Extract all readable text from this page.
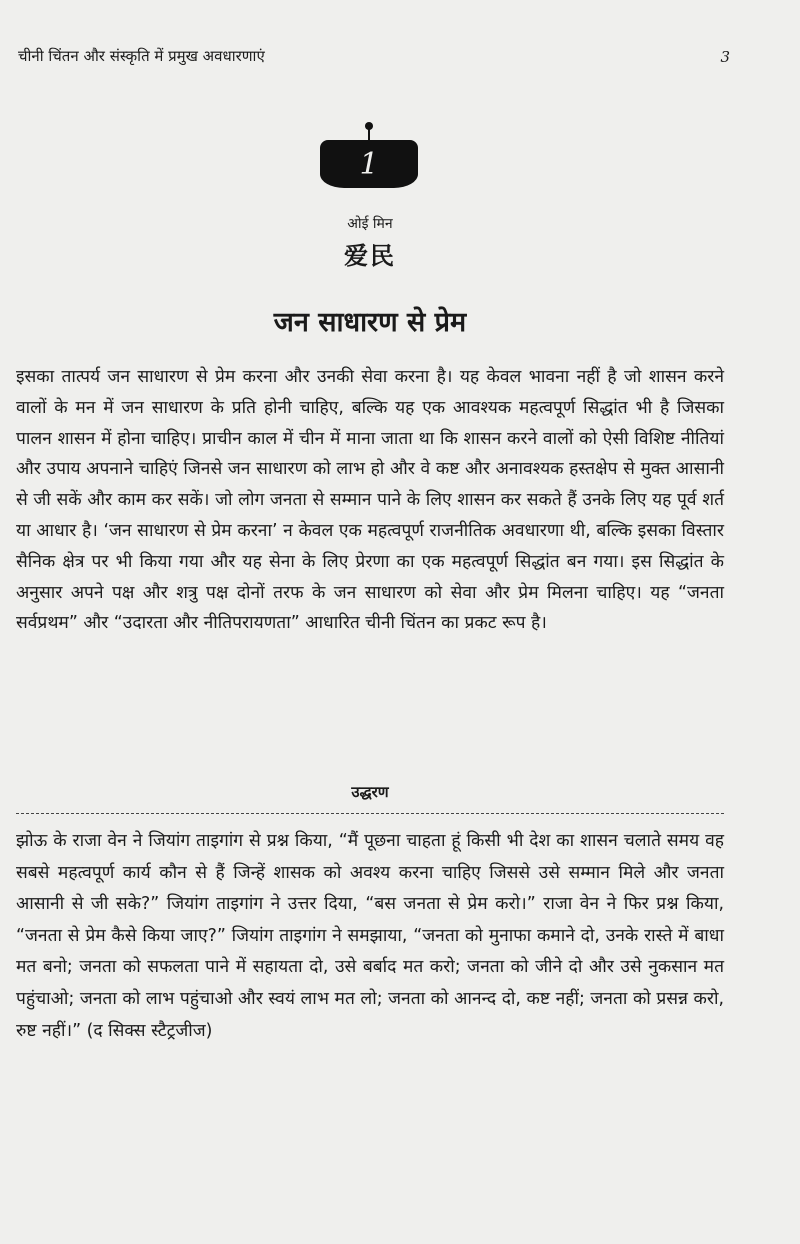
चीनी चिंतन और संस्कृति में प्रमुख अवधारणाएं	3
1
ओई मिन
爱民
जन साधारण से प्रेम

इसका तात्पर्य जन साधारण से प्रेम करना और उनकी सेवा करना है। यह केवल भावना नहीं है जो शासन करने वालों के मन में जन साधारण के प्रति होनी चाहिए, बल्कि यह एक आवश्यक महत्वपूर्ण सिद्धांत भी है जिसका पालन शासन में होना चाहिए। प्राचीन काल में चीन में माना जाता था कि शासन करने वालों को ऐसी विशिष्ट नीतियां और उपाय अपनाने चाहिएं जिनसे जन साधारण को लाभ हो और वे कष्ट और अनावश्यक हस्तक्षेप से मुक्त आसानी से जी सकें और काम कर सकें। जो लोग जनता से सम्मान पाने के लिए शासन कर सकते हैं उनके लिए यह पूर्व शर्त या आधार है। ‘जन साधारण से प्रेम करना’ न केवल एक महत्वपूर्ण राजनीतिक अवधारणा थी, बल्कि इसका विस्तार सैनिक क्षेत्र पर भी किया गया और यह सेना के लिए प्रेरणा का एक महत्वपूर्ण सिद्धांत बन गया। इस सिद्धांत के अनुसार अपने पक्ष और शत्रु पक्ष दोनों तरफ के जन साधारण को सेवा और प्रेम मिलना चाहिए। यह “जनता सर्वप्रथम” और “उदारता और नीतिपरायणता” आधारित चीनी चिंतन का प्रकट रूप है।

उद्धरण

झोऊ के राजा वेन ने जियांग ताइगांग से प्रश्न किया, “मैं पूछना चाहता हूं किसी भी देश का शासन चलाते समय वह सबसे महत्वपूर्ण कार्य कौन से हैं जिन्हें शासक को अवश्य करना चाहिए जिससे उसे सम्मान मिले और जनता आसानी से जी सके?” जियांग ताइगांग ने उत्तर दिया, “बस जनता से प्रेम करो।” राजा वेन ने फिर प्रश्न किया, “जनता से प्रेम कैसे किया जाए?” जियांग ताइगांग ने समझाया, “जनता को मुनाफा कमाने दो, उनके रास्ते में बाधा मत बनो; जनता को सफलता पाने में सहायता दो, उसे बर्बाद मत करो; जनता को जीने दो और उसे नुकसान मत पहुंचाओ; जनता को लाभ पहुंचाओ और स्वयं लाभ मत लो; जनता को आनन्द दो, कष्ट नहीं; जनता को प्रसन्न करो, रुष्ट नहीं।” (द सिक्स स्टैट्रजीज)
